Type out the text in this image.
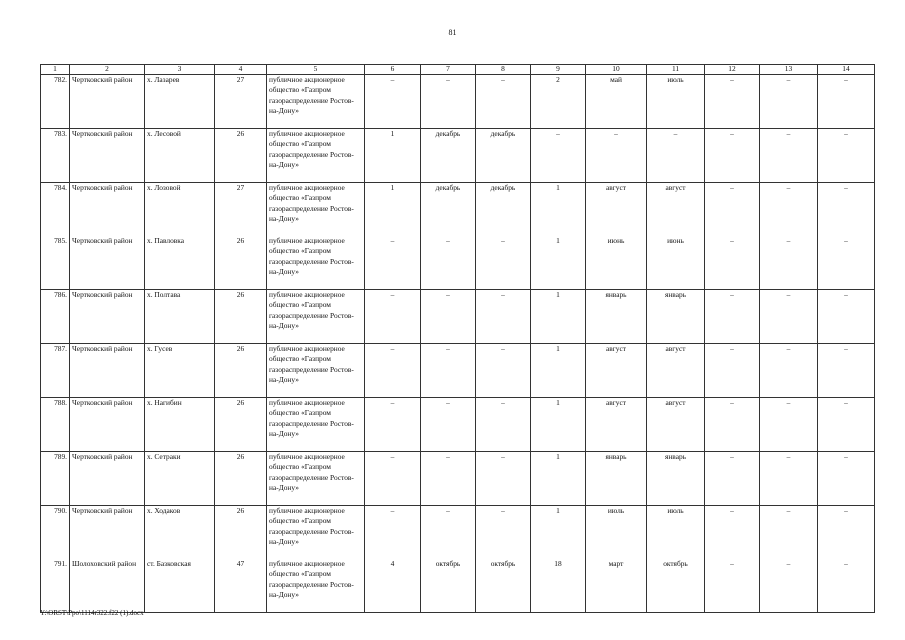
81
1	2	3	4	5	6	7	8	9	10	11	12	13	14
782.	Чертковский район	х. Лазарев	27	публичное акционерное общество «Газпром газораспределение Ростов-на-Дону»	–	–	–	2	май	июль	–	–	–
783.	Чертковский район	х. Лесовой	26	публичное акционерное общество «Газпром газораспределение Ростов-на-Дону»	1	декабрь	декабрь	–	–	–	–	–	–
784.	Чертковский район	х. Лозовой	27	публичное акционерное общество «Газпром газораспределение Ростов-на-Дону»	1	декабрь	декабрь	1	август	август	–	–	–
785.	Чертковский район	х. Павловка	26	публичное акционерное общество «Газпром газораспределение Ростов-на-Дону»	–	–	–	1	июнь	июнь	–	–	–
786.	Чертковский район	х. Полтава	26	публичное акционерное общество «Газпром газораспределение Ростов-на-Дону»	–	–	–	1	январь	январь	–	–	–
787.	Чертковский район	х. Гусев	26	публичное акционерное общество «Газпром газораспределение Ростов-на-Дону»	–	–	–	1	август	август	–	–	–
788.	Чертковский район	х. Нагибин	26	публичное акционерное общество «Газпром газораспределение Ростов-на-Дону»	–	–	–	1	август	август	–	–	–
789.	Чертковский район	х. Сетраки	26	публичное акционерное общество «Газпром газораспределение Ростов-на-Дону»	–	–	–	1	январь	январь	–	–	–
790.	Чертковский район	х. Ходаков	26	публичное акционерное общество «Газпром газораспределение Ростов-на-Дону»	–	–	–	1	июль	июль	–	–	–
791.	Шолоховский район	ст. Базковская	47	публичное акционерное общество «Газпром газораспределение Ростов-на-Дону»	4	октябрь	октябрь	18	март	октябрь	–	–	–
Y:\ORST\Ppo\1114r322.f22 (1).docx
